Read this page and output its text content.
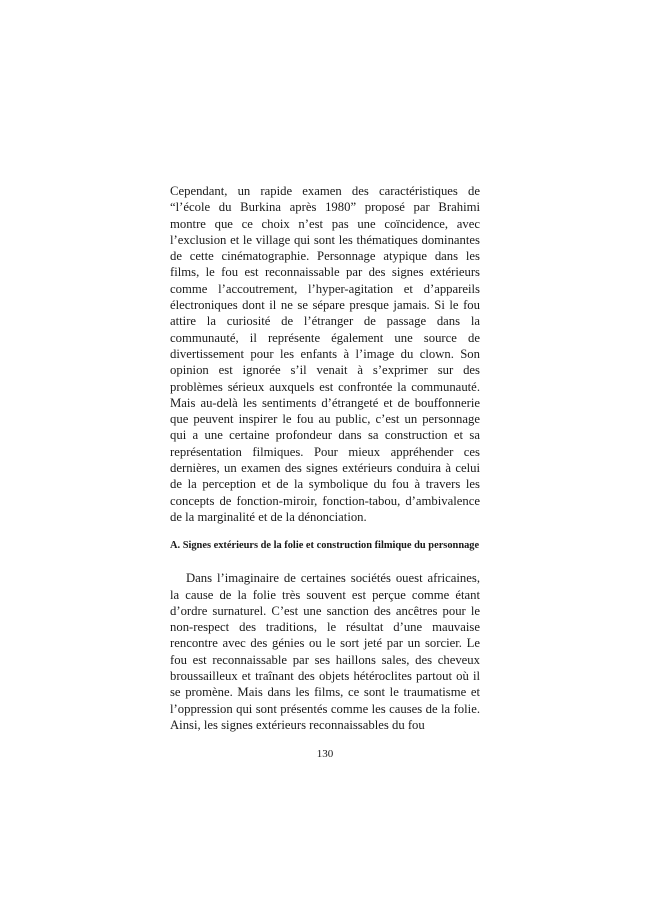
Cependant, un rapide examen des caractéristiques de “l’école du Burkina après 1980” proposé par Brahimi montre que ce choix n’est pas une coïncidence, avec l’exclusion et le village qui sont les thématiques dominantes de cette cinématographie. Personnage atypique dans les films, le fou est reconnaissable par des signes extérieurs comme l’accoutrement, l’hyper-agitation et d’appareils électroniques dont il ne se sépare presque jamais. Si le fou attire la curiosité de l’étranger de passage dans la communauté, il représente également une source de divertissement pour les enfants à l’image du clown. Son opinion est ignorée s’il venait à s’exprimer sur des problèmes sérieux auxquels est confrontée la communauté. Mais au-delà les sentiments d’étrangeté et de bouffonnerie que peuvent inspirer le fou au public, c’est un personnage qui a une certaine profondeur dans sa construction et sa représentation filmiques. Pour mieux appréhender ces dernières, un examen des signes extérieurs conduira à celui de la perception et de la symbolique du fou à travers les concepts de fonction-miroir, fonction-tabou, d’ambivalence de la marginalité et de la dénonciation.

A. Signes extérieurs de la folie et construction filmique du personnage

Dans l’imaginaire de certaines sociétés ouest africaines, la cause de la folie très souvent est perçue comme étant d’ordre surnaturel. C’est une sanction des ancêtres pour le non-respect des traditions, le résultat d’une mauvaise rencontre avec des génies ou le sort jeté par un sorcier. Le fou est reconnaissable par ses haillons sales, des cheveux broussailleux et traînant des objets hétéroclites partout où il se promène. Mais dans les films, ce sont le traumatisme et l’oppression qui sont présentés comme les causes de la folie. Ainsi, les signes extérieurs reconnaissables du fou

130
